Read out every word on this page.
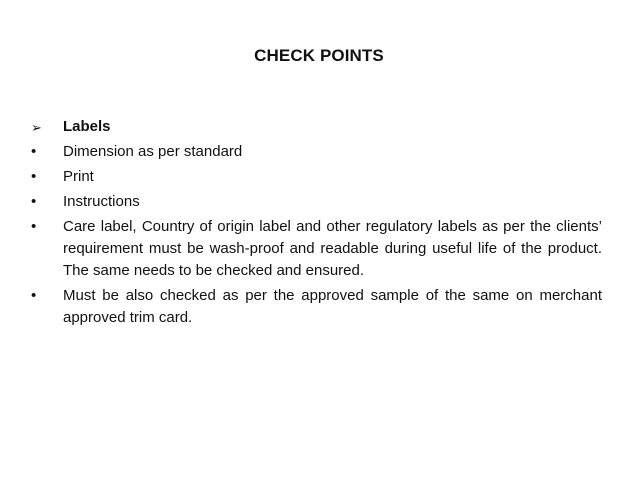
CHECK POINTS
➢	Labels
•	Dimension as per standard
•	Print
•	Instructions
•	Care label, Country of origin label and other regulatory labels as per the clients’ requirement must be wash-proof and readable during useful life of the product. The same needs to be checked and ensured.
•	Must be also checked as per the approved sample of the same on merchant approved trim card.
